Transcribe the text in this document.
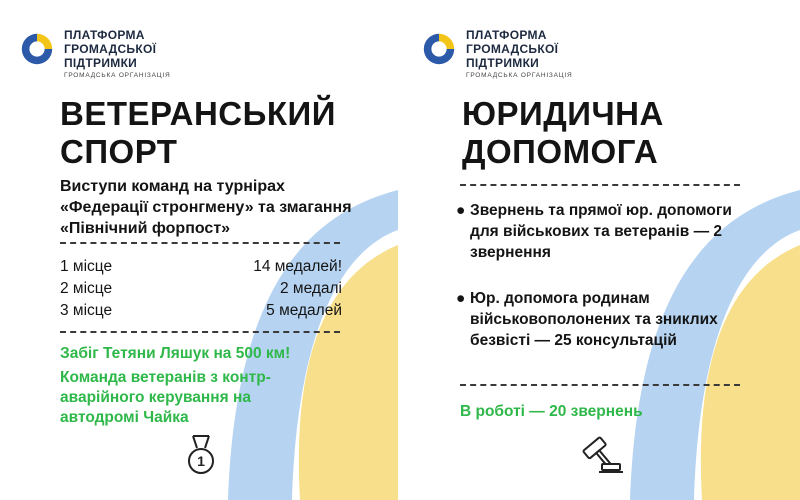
ПЛАТФОРМА
ГРОМАДСЬКОЇ
ПІДТРИМКИ
ГРОМАДСЬКА ОРГАНІЗАЦІЯ
ВЕТЕРАНСЬКИЙ
СПОРТ
Виступи команд на турнірах «Федерації стронгмену» та змагання «Північний форпост»
1 місце	14 медалей!
2 місце	2 медалі
3 місце	5 медалей
Забіг Тетяни Ляшук на 500 км!
Команда ветеранів з контр-аварійного керування на автодромі Чайка
1
ПЛАТФОРМА
ГРОМАДСЬКОЇ
ПІДТРИМКИ
ГРОМАДСЬКА ОРГАНІЗАЦІЯ
ЮРИДИЧНА
ДОПОМОГА
● Звернень та прямої юр. допомоги для військових та ветеранів — 2 звернення
● Юр. допомога родинам військовополонених та зниклих безвісті — 25 консультацій
В роботі — 20 звернень
